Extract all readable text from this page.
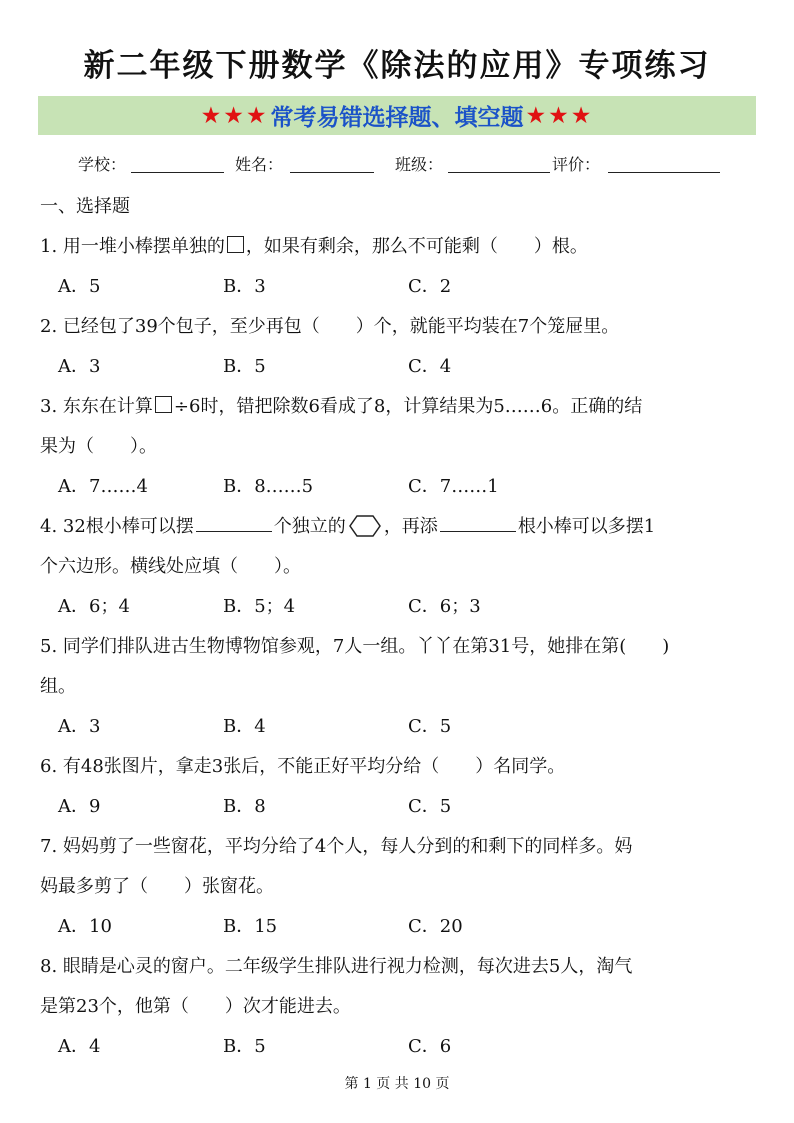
新二年级下册数学《除法的应用》专项练习
★★★ 常考易错选择题、填空题 ★★★
学校：	姓名：	班级：	评价：
一、选择题
1. 用一堆小棒摆单独的 ，如果有剩余，那么不可能剩（　　）根。
A．5	B．3	C．2
2. 已经包了39个包子，至少再包（　　）个，就能平均装在7个笼屉里。
A．3	B．5	C．4
3. 东东在计算 ÷6时，错把除数6看成了8，计算结果为5……6。正确的结
果为（　　）。
A．7……4	B．8……5	C．7……1
4. 32根小棒可以摆	个独立的 ，再添	根小棒可以多摆1
个六边形。横线处应填（　　）。
A．6；4	B．5；4	C．6；3
5. 同学们排队进古生物博物馆参观，7人一组。丫丫在第31号，她排在第(　　)
组。
A．3	B．4	C．5
6. 有48张图片，拿走3张后，不能正好平均分给（　　）名同学。
A．9	B．8	C．5
7. 妈妈剪了一些窗花，平均分给了4个人，每人分到的和剩下的同样多。妈
妈最多剪了（　　）张窗花。
A．10	B．15	C．20
8. 眼睛是心灵的窗户。二年级学生排队进行视力检测，每次进去5人，淘气
是第23个，他第（　　）次才能进去。
A．4	B．5	C．6
第 1 页 共 10 页
